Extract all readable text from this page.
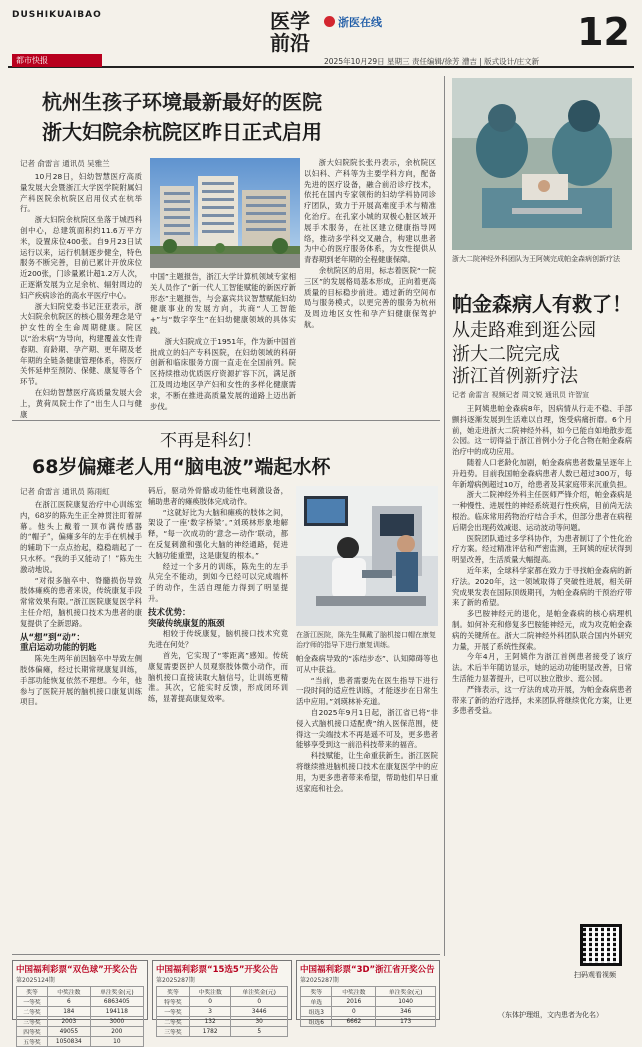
DUSHIKUAIBAO
都市快报
医学
前沿
浙医在线
2025年10月29日 星期三 责任编辑/徐芳 漕吉 | 版式设计/庄文新
12
杭州生孩子环境最新最好的医院
浙大妇院余杭院区昨日正式启用
记者 俞雷言 通讯员 吴雅兰

10月28日，妇幼智慧医疗高质量发展大会暨浙江大学医学院附属妇产科医院余杭院区启用仪式在杭举行。

浙大妇院余杭院区坐落于城西科创中心，总建筑面积约11.6万平方米，设置床位400张。自9月23日试运行以来，运行机制逐步健全，特色服务不断完善，目前已累计开放床位近200张，门诊量累计超1.2万人次，正逐渐发展为立足余杭、辐射周边的妇产疾病诊治的高水平医疗中心。

浙大妇院党委书记汪亚表示，浙大妇院余杭院区的核心服务理念是守护女性的全生命周期健康。院区以“治未病”为导向，构建覆盖女性青春期、育龄期、孕产期、更年期及老年期的全链条健康管理体系，将医疗关怀延伸至预防、保健、康复等各个环节。

在妇幼智慧医疗高质量发展大会上，黄荷凤院士作了“出生人口与健康

中国”主题报告，浙江大学计算机领域专家相关人员作了“新一代人工智能赋能的新医疗新形态”主题报告，与会嘉宾共议智慧赋能妇幼健康事业的发展方向，共商“人工智能+”与“数字孪生”在妇幼健康领域的具体实践。

浙大妇院成立于1951年，作为新中国首批成立的妇产专科医院，在妇幼领域的科研创新和临床服务方面一直走在全国前列。院区持续推动优质医疗资源扩容下沉，满足浙江及周边地区孕产妇和女性的多样化健康需求，不断在推进高质量发展的道路上迈出新步伐。

浙大妇院院长张丹表示，余杭院区以妇科、产科等为主要学科方向，配备先进的医疗设备，融合前沿诊疗技术，依托在国内专家领衔的妇幼学科协同诊疗团队，致力于开展高难度手术与精准化治疗。在孔家小城的双极心脏区域开展手术服务，在社区建立健康指导网络，推动多学科交叉融合，构建以患者为中心的医疗服务体系，为女性提供从青春期到老年期的全程健康保障。

余杭院区的启用，标志着医院“一院三区”的发展格局基本形成，正向着更高质量的目标稳步前进。通过新的空间布局与服务模式，以更完善的服务为杭州及周边地区女性和孕产妇健康保驾护航。

浙大二院神经外科团队为王阿姨完成帕金森病创新疗法
帕金森病人有救了！
从走路难到逛公园
浙大二院完成
浙江首例新疗法
记者 俞雷言 视频记者 周文锐 通讯员 许智宣

王阿姨患帕金森病8年，因病情从行走不稳、手部颤抖逐渐发展到生活难以自理，饱受病痛折磨。6个月前，她走进浙大二院神经外科，如今已能自如地散步逛公园。这一切得益于浙江首例小分子化合物在帕金森病治疗中的成功应用。

随着人口老龄化加剧，帕金森病患者数量呈逐年上升趋势。目前我国帕金森病患者人数已超过300万，每年新增病例超过10万，给患者及其家庭带来沉重负担。

浙大二院神经外科主任医师严锋介绍，帕金森病是一种慢性、进展性的神经系统退行性疾病，目前尚无法根治。临床常用药物治疗结合手术，但部分患者在病程后期会出现药效减退、运动波动等问题。

医院团队通过多学科协作，为患者制订了个性化治疗方案。经过精准评估和严密监测，王阿姨的症状得到明显改善，生活质量大幅提高。

近年来，全球科学家都在致力于寻找帕金森病的新疗法。2020年，这一领域取得了突破性进展，相关研究成果发表在国际顶级期刊，为帕金森病的干预治疗带来了新的希望。

多巴胺神经元的退化，是帕金森病的核心病理机制。如何补充和修复多巴胺能神经元，成为攻克帕金森病的关键所在。浙大二院神经外科团队联合国内外研究力量，开展了系统性探索。

今年4月，王阿姨作为浙江首例患者接受了该疗法。术后半年随访显示，她的运动功能明显改善，日常生活能力显著提升，已可以独立散步、逛公园。

严锋表示，这一疗法的成功开展，为帕金森病患者带来了新的治疗选择，未来团队将继续优化方案，让更多患者受益。

扫码观看视频
不再是科幻！
68岁偏瘫老人用“脑电波”端起水杯
记者 俞雷言 通讯员 陈雨虹

在浙江医院康复治疗中心训练室内，68岁的陈先生正全神贯注盯着屏幕。他头上戴着一顶布满传感器的“帽子”，偏瘫多年的左手在机械手的辅助下一点点抬起，稳稳端起了一只水杯。“我的手又能动了！”陈先生激动地说。

“对很多脑卒中、脊髓损伤导致肢体瘫痪的患者来说，传统康复手段常常效果有限。”浙江医院康复医学科主任介绍，脑机接口技术为患者的康复提供了全新思路。

从“想”到“动”：

重启运动功能的钥匙

陈先生两年前因脑卒中导致左侧肢体偏瘫，经过长期常规康复训练，手部功能恢复依然不理想。今年，他参与了医院开展的脑机接口康复训练项目。

码后，驱动外骨骼或功能性电刺激设备，辅助患者的瘫痪肢体完成动作。

“这就好比为大脑和瘫痪的肢体之间，架设了一座‘数字桥梁’。”刘瑛林形象地解释，“每一次成功的‘意念—动作’联动，都在反复刺激和强化大脑的神经通路，促进大脑功能重塑，这是康复的根本。”

经过一个多月的训练，陈先生的左手从完全不能动，到如今已经可以完成端杯子的动作，生活自理能力得到了明显提升。

技术优势：

突破传统康复的瓶颈

相较于传统康复，脑机接口技术究竟先进在何处？

首先，它实现了“零距离”感知。传统康复需要医护人员观察肢体微小动作，而脑机接口直接读取大脑信号，让训练更精准。其次，它能实时反馈，形成闭环训练，显著提高康复效率。

在浙江医院，陈先生佩戴了脑机接口帽在康复治疗师的指导下进行康复训练。

帕金森病导致的“冻结步态”、认知障碍等也可从中获益。

“当前，患者需要先在医生指导下进行一段时间的适应性训练，才能逐步在日常生活中应用。”刘瑛林补充道。

自2025年9月1日起，浙江省已将“非侵入式脑机接口适配费”纳入医保范围，使得这一尖端技术不再是遥不可及，更多患者能够享受到这一前沿科技带来的福音。

科技赋能，让生命重获新生。浙江医院将继续推进脑机接口技术在康复医学中的应用，为更多患者带来希望，帮助他们早日重返家庭和社会。

中国福利彩票“双色球”开奖公告
第2025124期
奖等	中奖注数	单注奖金(元)
一等奖	6	6863405
二等奖	184	194118
三等奖	2003	3000
四等奖	49055	200
五等奖	1050834	10
中国福利彩票“15选5”开奖公告
第2025287期
奖等	中奖注数	单注奖金(元)
特等奖	0	0
一等奖	3	3446
二等奖	132	30
三等奖	1782	5
中国福利彩票“3D”浙江省开奖公告
第2025287期
奖等	中奖注数	单注奖金(元)
单选	2016	1040
组选3	0	346
组选6	6662	173
（东体护理组，文内患者为化名）
